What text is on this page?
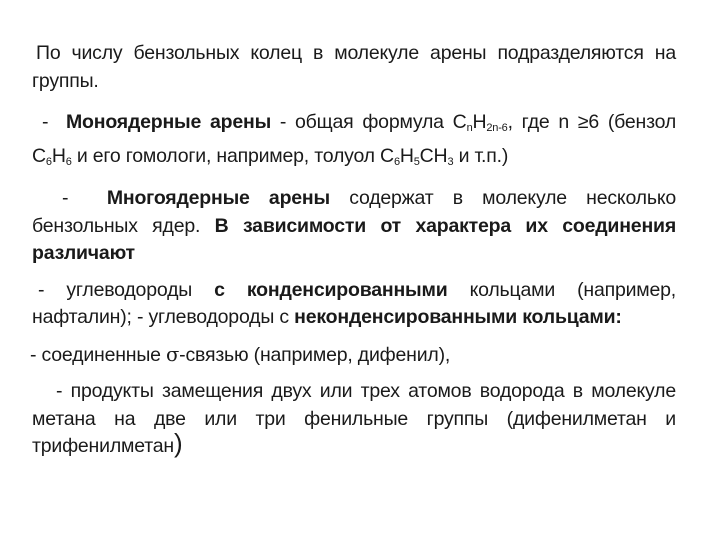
По числу бензольных колец в молекуле арены подразделяются на группы.

- Моноядерные арены - общая формула $С_nН_{2n-6}$, где n ≥6 (бензол $С_6Н_6$ и его гомологи, например, толуол $С_6Н_5СН_3$ и т.п.)

- Многоядерные арены содержат в молекуле несколько бензольных ядер. В зависимости от характера их соединения различают

- углеводороды с конденсированными кольцами (например, нафталин); - углеводороды с неконденсированными кольцами:

- соединенные σ-связью (например, дифенил),

- продукты замещения двух или трех атомов водорода в молекуле метана на две или три фенильные группы (дифенилметан и трифенилметан)
